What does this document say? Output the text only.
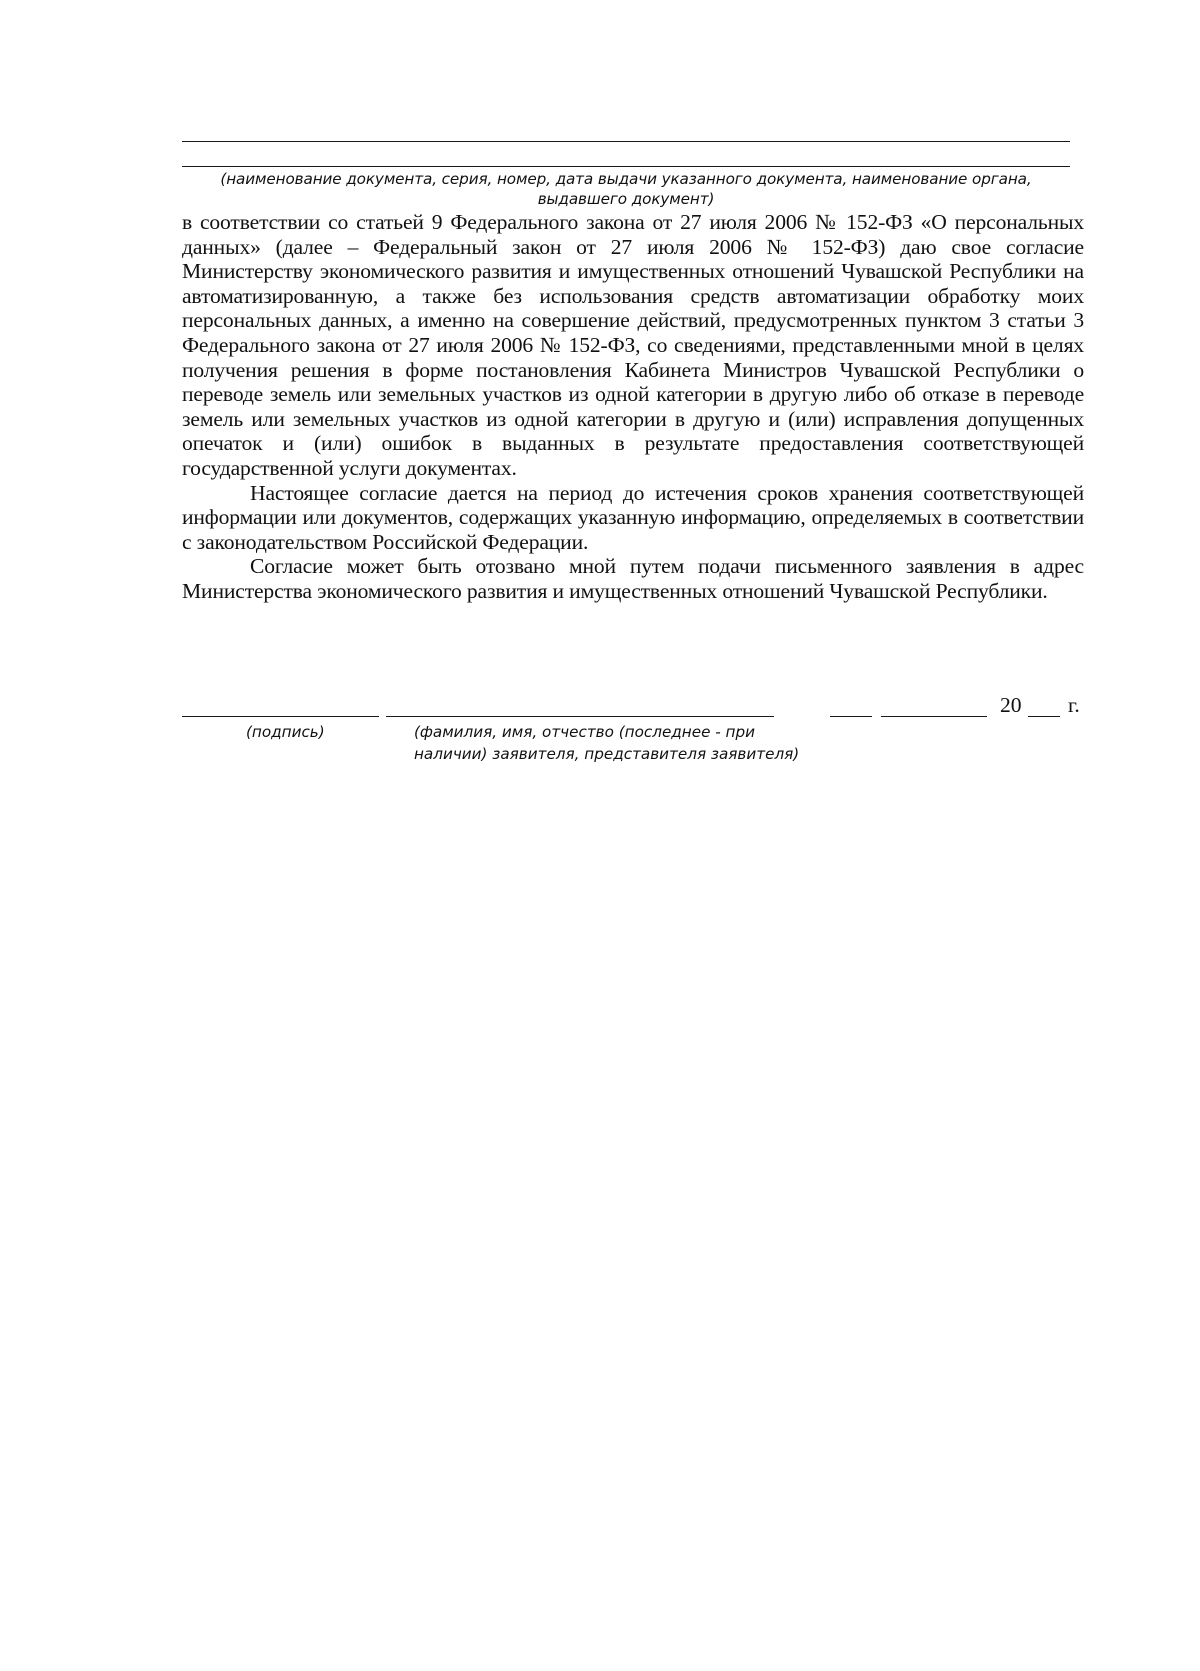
(наименование документа, серия, номер, дата выдачи указанного документа, наименование органа,
выдавшего документ)

в соответствии со статьей 9 Федерального закона от 27 июля 2006 № 152-ФЗ «О персональных данных» (далее – Федеральный закон от 27 июля 2006 № 152-ФЗ) даю свое согласие Министерству экономического развития и имущественных отношений Чувашской Республики на автоматизированную, а также без использования средств автоматизации обработку моих персональных данных, а именно на совершение действий, предусмотренных пунктом 3 статьи 3 Федерального закона от 27 июля 2006 № 152-ФЗ, со сведениями, представленными мной в целях получения решения в форме постановления Кабинета Министров Чувашской Республики о переводе земель или земельных участков из одной категории в другую либо об отказе в переводе земель или земельных участков из одной категории в другую и (или) исправления допущенных опечаток и (или) ошибок в выданных в результате предоставления соответствующей государственной услуги документах.

Настоящее согласие дается на период до истечения сроков хранения соответствующей информации или документов, содержащих указанную информацию, определяемых в соответствии с законодательством Российской Федерации.

Согласие может быть отозвано мной путем подачи письменного заявления в адрес Министерства экономического развития и имущественных отношений Чувашской Республики.

20 г.
(подпись)	(фамилия, имя, отчество (последнее - при
наличии) заявителя, представителя заявителя)
